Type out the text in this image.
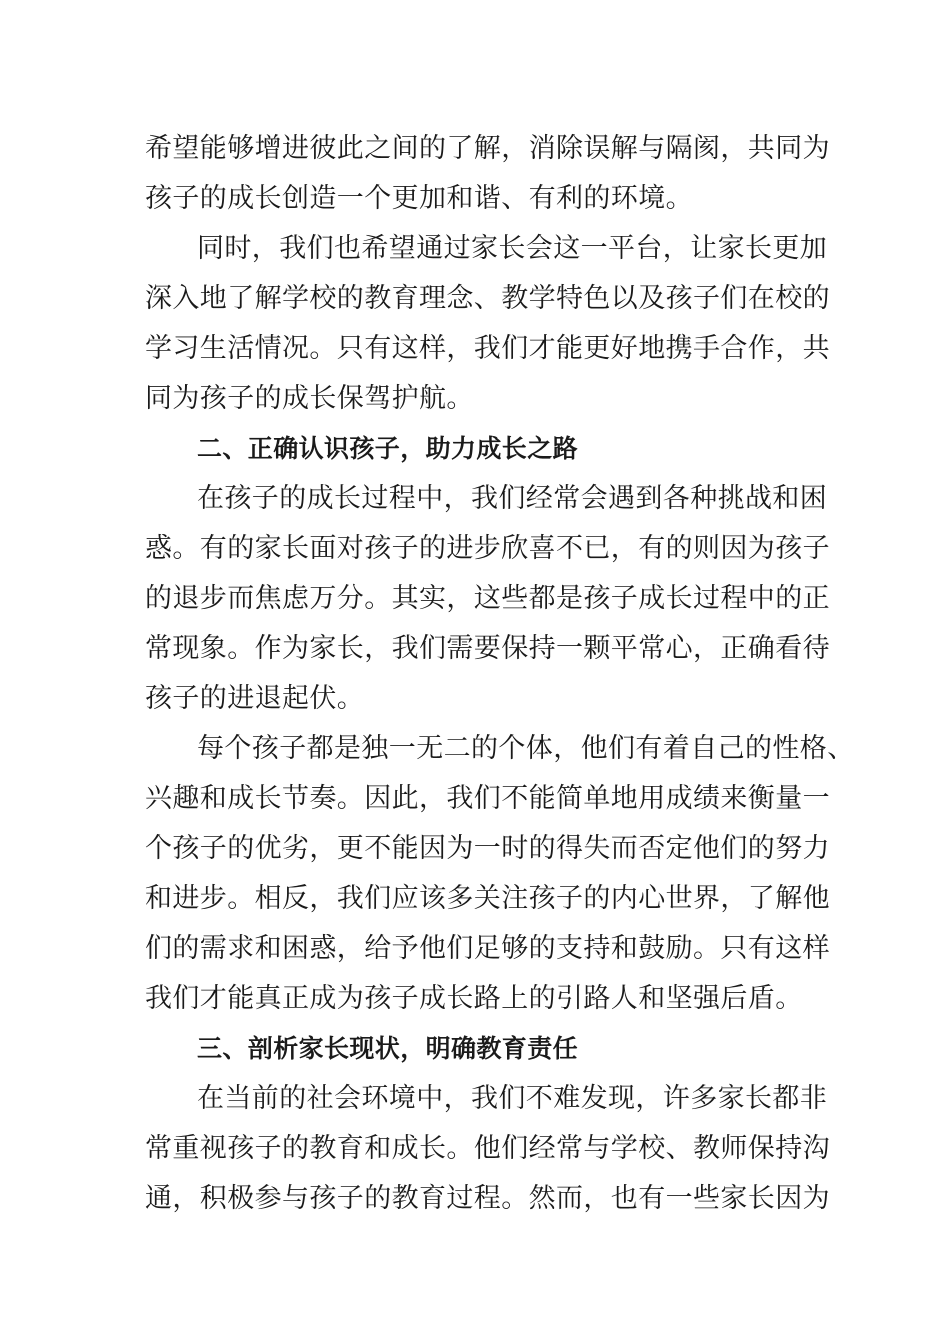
希望能够增进彼此之间的了解，消除误解与隔阂，共同为
孩子的成长创造一个更加和谐、有利的环境。
同时，我们也希望通过家长会这一平台，让家长更加
深入地了解学校的教育理念、教学特色以及孩子们在校的
学习生活情况。只有这样，我们才能更好地携手合作，共
同为孩子的成长保驾护航。
二、正确认识孩子，助力成长之路
在孩子的成长过程中，我们经常会遇到各种挑战和困
惑。有的家长面对孩子的进步欣喜不已，有的则因为孩子
的退步而焦虑万分。其实，这些都是孩子成长过程中的正
常现象。作为家长，我们需要保持一颗平常心，正确看待
孩子的进退起伏。
每个孩子都是独一无二的个体，他们有着自己的性格、
兴趣和成长节奏。因此，我们不能简单地用成绩来衡量一
个孩子的优劣，更不能因为一时的得失而否定他们的努力
和进步。相反，我们应该多关注孩子的内心世界，了解他
们的需求和困惑，给予他们足够的支持和鼓励。只有这样
我们才能真正成为孩子成长路上的引路人和坚强后盾。
三、剖析家长现状，明确教育责任
在当前的社会环境中，我们不难发现，许多家长都非
常重视孩子的教育和成长。他们经常与学校、教师保持沟
通，积极参与孩子的教育过程。然而，也有一些家长因为
